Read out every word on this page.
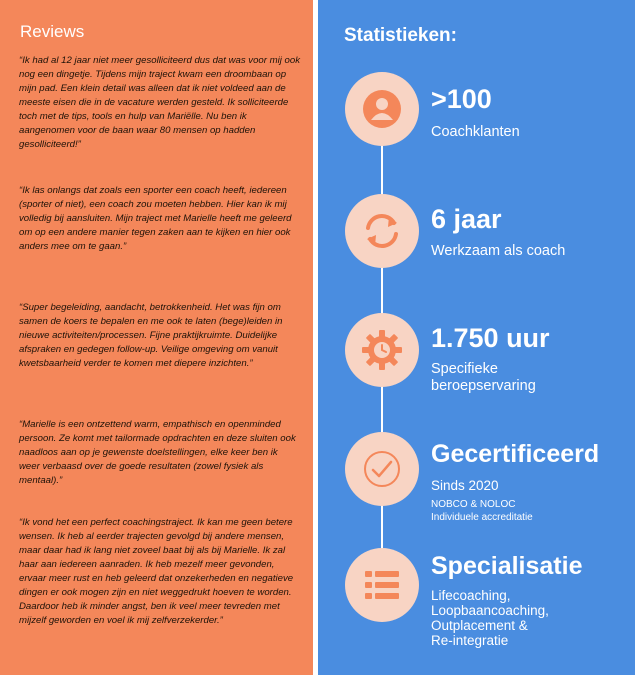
Reviews

“Ik had al 12 jaar niet meer gesolliciteerd dus dat was voor mij ook nog een dingetje. Tijdens mijn traject kwam een droombaan op mijn pad. Een klein detail was alleen dat ik niet voldeed aan de meeste eisen die in de vacature werden gesteld. Ik solliciteerde toch met de tips, tools en hulp van Mariëlle. Nu ben ik aangenomen voor de baan waar 80 mensen op hadden gesolliciteerd!”

“Ik las onlangs dat zoals een sporter een coach heeft, iedereen (sporter of niet), een coach zou moeten hebben. Hier kan ik mij volledig bij aansluiten. Mijn traject met Marielle heeft me geleerd om op een andere manier tegen zaken aan te kijken en hier ook anders mee om te gaan.”

“Super begeleiding, aandacht, betrokkenheid. Het was fijn om samen de koers te bepalen en me ook te laten (bege)leiden in nieuwe activiteiten/processen. Fijne praktijkruimte. Duidelijke afspraken en gedegen follow-up. Veilige omgeving om vanuit kwetsbaarheid verder te komen met diepere inzichten.”

“Marielle is een ontzettend warm, empathisch en openminded persoon. Ze komt met tailormade opdrachten en deze sluiten ook naadloos aan op je gewenste doelstellingen, elke keer ben ik weer verbaasd over de goede resultaten (zowel fysiek als mentaal).”

“Ik vond het een perfect coachingstraject. Ik kan me geen betere wensen. Ik heb al eerder trajecten gevolgd bij andere mensen, maar daar had ik lang niet zoveel baat bij als bij Marielle. Ik zal haar aan iedereen aanraden. Ik heb mezelf meer gevonden, ervaar meer rust en heb geleerd dat onzekerheden en negatieve dingen er ook mogen zijn en niet weggedrukt hoeven te worden. Daardoor heb ik minder angst, ben ik veel meer tevreden met mijzelf geworden en voel ik mij zelfverzekerder.”

Statistieken:
>100
Coachklanten
6 jaar
Werkzaam als coach
1.750 uur
Specifieke
beroepservaring
Gecertificeerd
Sinds 2020
NOBCO & NOLOC
Individuele accreditatie
Specialisatie
Lifecoaching,
Loopbaancoaching,
Outplacement &
Re-integratie
